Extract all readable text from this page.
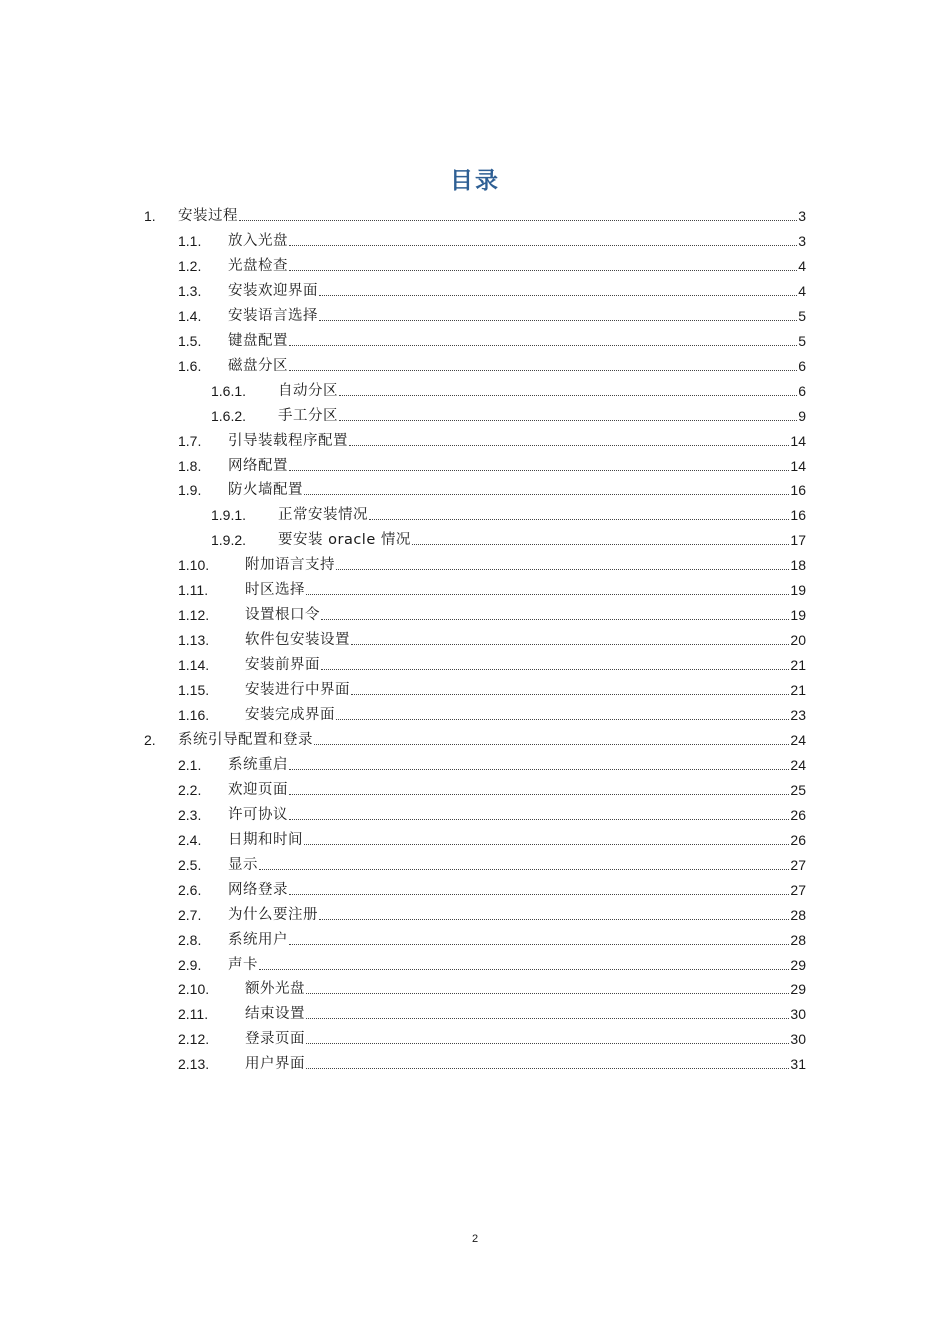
目录
1.	安装过程	3
1.1.	放入光盘	3
1.2.	光盘检查	4
1.3.	安装欢迎界面	4
1.4.	安装语言选择	5
1.5.	键盘配置	5
1.6.	磁盘分区	6
1.6.1.	自动分区	6
1.6.2.	手工分区	9
1.7.	引导装载程序配置	14
1.8.	网络配置	14
1.9.	防火墙配置	16
1.9.1.	正常安装情况	16
1.9.2.	要安装 oracle 情况	17
1.10.	附加语言支持	18
1.11.	时区选择	19
1.12.	设置根口令	19
1.13.	软件包安装设置	20
1.14.	安装前界面	21
1.15.	安装进行中界面	21
1.16.	安装完成界面	23
2.	系统引导配置和登录	24
2.1.	系统重启	24
2.2.	欢迎页面	25
2.3.	许可协议	26
2.4.	日期和时间	26
2.5.	显示	27
2.6.	网络登录	27
2.7.	为什么要注册	28
2.8.	系统用户	28
2.9.	声卡	29
2.10.	额外光盘	29
2.11.	结束设置	30
2.12.	登录页面	30
2.13.	用户界面	31
2
